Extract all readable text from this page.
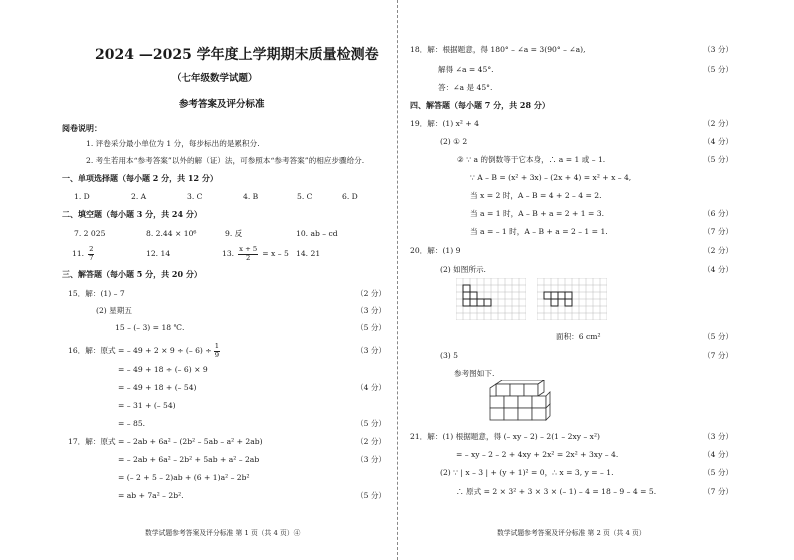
2024 —2025 学年度上学期期末质量检测卷
（七年级数学试题）
参考答案及评分标准
阅卷说明：
1. 评卷采分最小单位为 1 分，每步标出的是累积分.
2. 考生若用本“参考答案”以外的解（证）法，可参照本“参考答案”的相应步骤给分.
一、单项选择题（每小题 2 分，共 12 分）
1. D	2. A	3. C	4. B	5. C	6. D
二、填空题（每小题 3 分，共 24 分）
7. 2 025	8. 2.44 × 10⁶	9. 反	10. ab – cd
11. $\frac{2}{7}$	12. 14	13. $\frac{x + 5}{2} = x - 5$ 14. 21
三、解答题（每小题 5 分，共 20 分）
15．解：(1) – 7	（2 分）
(2) 星期五	（3 分）
15 – (– 3) = 18 ℃.	（5 分）
16．解：原式 = – 49 + 2 × 9 ÷ (– $6) \div \frac{1}{9}$	（3 分）
= – 49 + 18 ÷ (– 6) × 9
= – 49 + 18 + (– 54)	（4 分）
= – 31 + (– 54)
= – 85.	（5 分）
17．解：原式 = – 2ab + 6a² – (2b² – 5ab – a² + 2ab)	（2 分）
= – 2ab + 6a² – 2b² + 5ab + a² – 2ab	（3 分）
= (– 2 + 5 – 2)ab + (6 + 1)a² – 2b²
= ab + 7a² – 2b².	（5 分）
数学试题参考答案及评分标准 第 1 页（共 4 页）④
18．解：根据题意，得 180° – ∠a = 3(90° – ∠a),	（3 分）
解得 ∠a = 45°.	（5 分）
答：∠a 是 45°.
四、解答题（每小题 7 分，共 28 分）
19．解：(1) x² + 4	（2 分）
(2) ① 2	（4 分）
② ∵ a 的倒数等于它本身，∴ a = 1 或 – 1.	（5 分）
∵ A – B = (x² + 3x) – (2x + 4) = x² + x – 4,
当 x = 2 时，A – B = 4 + 2 – 4 = 2.
当 a = 1 时，A – B + a = 2 + 1 = 3.	（6 分）
当 a = – 1 时，A – B + a = 2 – 1 = 1.	（7 分）
20．解：(1) 9	（2 分）
(2) 如图所示.	（4 分）
面积：6 cm²	（5 分）
(3) 5	（7 分）
参考图如下.
21．解：(1) 根据题意，得 (– xy – 2) – 2(1 – 2xy – x²)	（3 分）
= – xy – 2 – 2 + 4xy + 2x² = 2x² + 3xy – 4.	（4 分）
(2) ∵ | x – 3 | + (y + 1)² = 0，∴ x = 3, y = – 1.	（5 分）
∴ 原式 = 2 × 3² + 3 × 3 × (– 1) – 4 = 18 – 9 – 4 = 5.	（7 分）
数学试题参考答案及评分标准 第 2 页（共 4 页）
